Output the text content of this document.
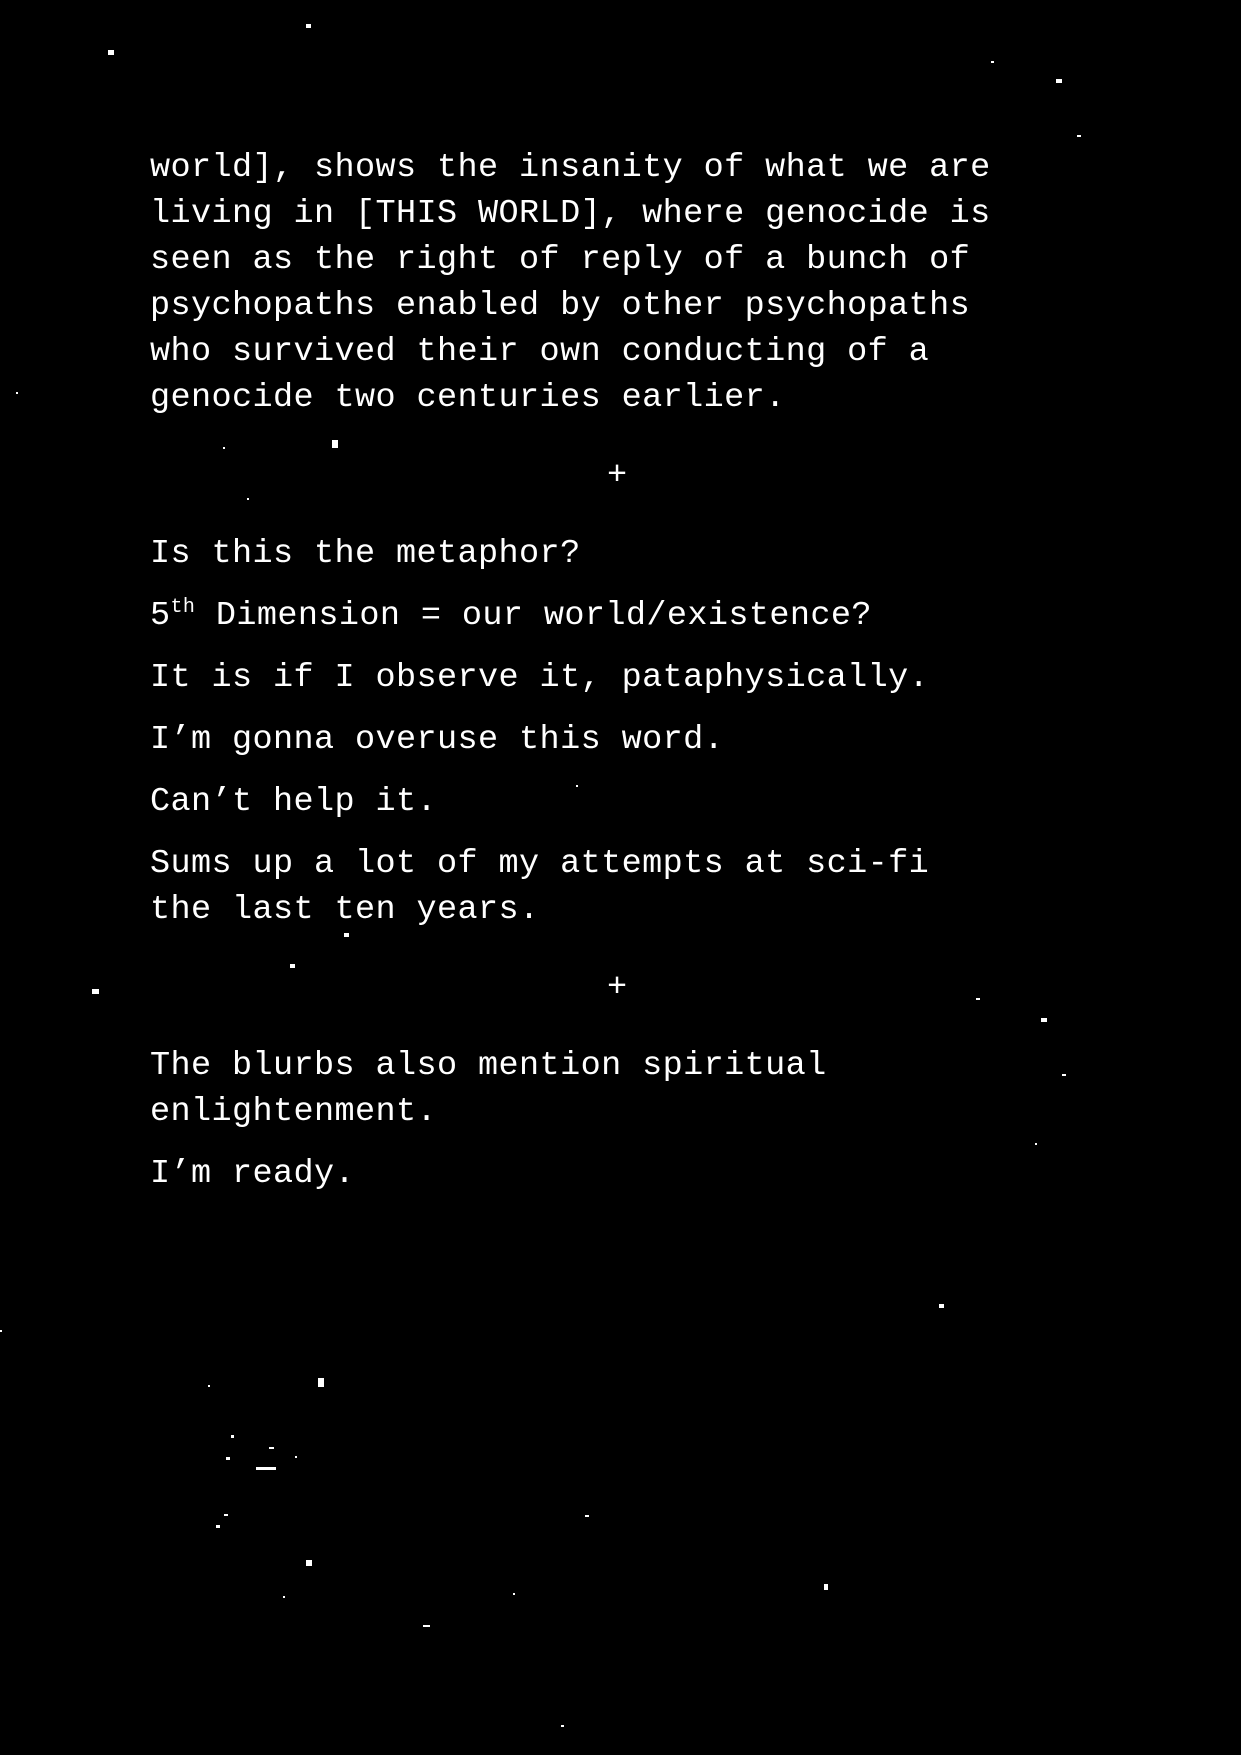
world], shows the insanity of what we are
living in [THIS WORLD], where genocide is
seen as the right of reply of a bunch of
psychopaths enabled by other psychopaths
who survived their own conducting of a
genocide two centuries earlier.

+

Is this the metaphor?

5th Dimension = our world/existence?

It is if I observe it, pataphysically.

I’m gonna overuse this word.

Can’t help it.

Sums up a lot of my attempts at sci-fi
the last ten years.

+

The blurbs also mention spiritual
enlightenment.

I’m ready.
